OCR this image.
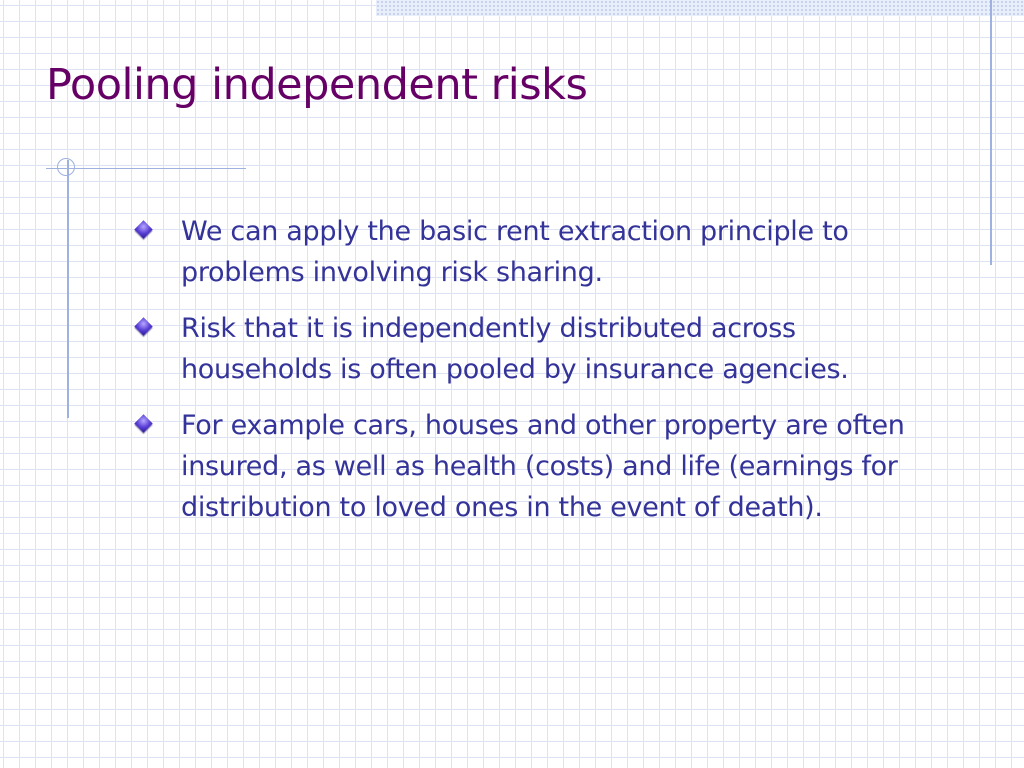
Pooling independent risks
We can apply the basic rent extraction principle to problems involving risk sharing.
Risk that it is independently distributed across households is often pooled by insurance agencies.
For example cars, houses and other property are often insured, as well as health (costs) and life (earnings for distribution to loved ones in the event of death).
